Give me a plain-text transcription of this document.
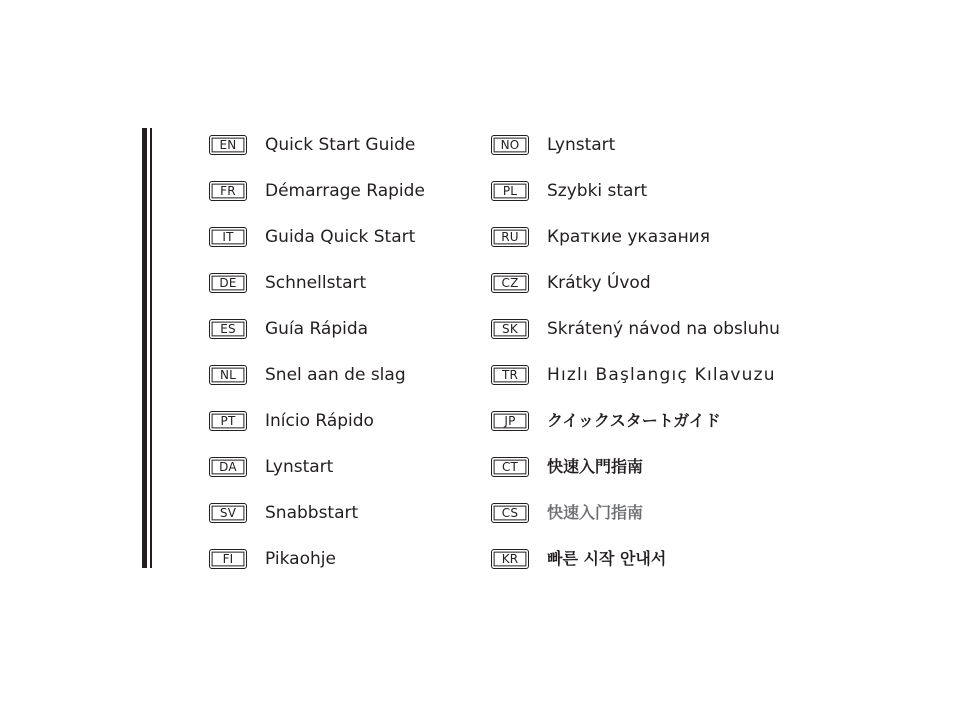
EN	Quick Start Guide
FR	Démarrage Rapide
IT	Guida Quick Start
DE	Schnellstart
ES	Guía Rápida
NL	Snel aan de slag
PT	Início Rápido
DA	Lynstart
SV	Snabbstart
FI	Pikaohje
NO	Lynstart
PL	Szybki start
RU	Краткие указания
CZ	Krátky Úvod
SK	Skrátený návod na obsluhu
TR	Hızlı Başlangıç Kılavuzu
JP	クイックスタートガイド
CT	快速入門指南
CS	快速入门指南
KR	빠른 시작 안내서
